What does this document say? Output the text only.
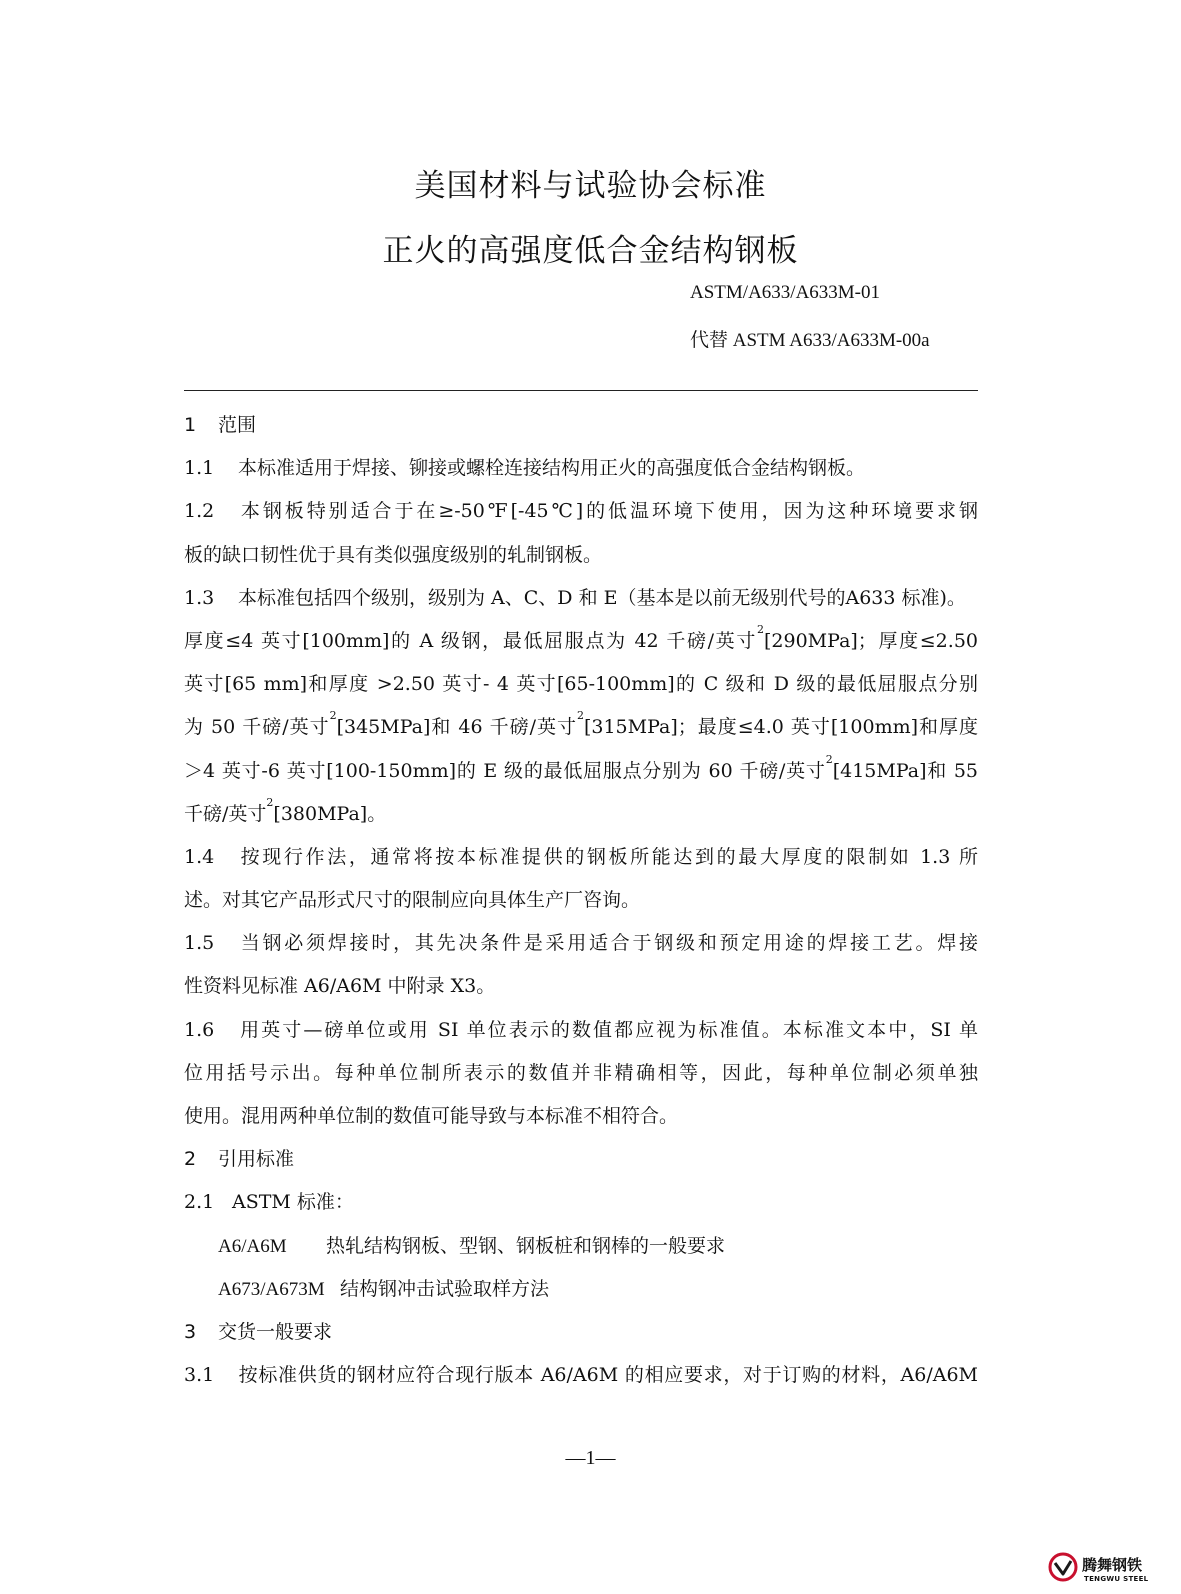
美国材料与试验协会标准
正火的高强度低合金结构钢板
ASTM/A633/A633M-01
代替 ASTM A633/A633M-00a
1 范围
1.1 本标准适用于焊接、铆接或螺栓连接结构用正火的高强度低合金结构钢板。
1.2 本钢板特别适合于在≥-50℉[-45℃]的低温环境下使用，因为这种环境要求钢
板的缺口韧性优于具有类似强度级别的轧制钢板。
1.3 本标准包括四个级别，级别为 A、C、D 和 E（基本是以前无级别代号的A633 标准)。
厚度≤4 英寸[100mm]的 A 级钢，最低屈服点为 42 千磅/英寸$^2$[290MPa]；厚度≤2.50
英寸[65 mm]和厚度 >2.50 英寸- 4 英寸[65-100mm]的 C 级和 D 级的最低屈服点分别
为 50 千磅/英寸$^2$[345MPa]和 46 千磅/英寸$^2$[315MPa]；最度≤4.0 英寸[100mm]和厚度
＞4 英寸-6 英寸[100-150mm]的 E 级的最低屈服点分别为 60 千磅/英寸$^2$[415MPa]和 55
千磅/英寸$^2$[380MPa]。
1.4 按现行作法，通常将按本标准提供的钢板所能达到的最大厚度的限制如 1.3 所
述。对其它产品形式尺寸的限制应向具体生产厂咨询。
1.5 当钢必须焊接时，其先决条件是采用适合于钢级和预定用途的焊接工艺。焊接
性资料见标准 A6/A6M 中附录 X3。
1.6 用英寸—磅单位或用 SI 单位表示的数值都应视为标准值。本标准文本中，SI 单
位用括号示出。每种单位制所表示的数值并非精确相等，因此，每种单位制必须单独
使用。混用两种单位制的数值可能导致与本标准不相符合。
2 引用标准
2.1 ASTM 标准：
A6/A6M 热轧结构钢板、型钢、钢板桩和钢棒的一般要求
A673/A673M 结构钢冲击试验取样方法
3 交货一般要求
3.1 按标准供货的钢材应符合现行版本 A6/A6M 的相应要求，对于订购的材料，A6/A6M
—1—
腾舞钢铁
TENGWU STEEL
